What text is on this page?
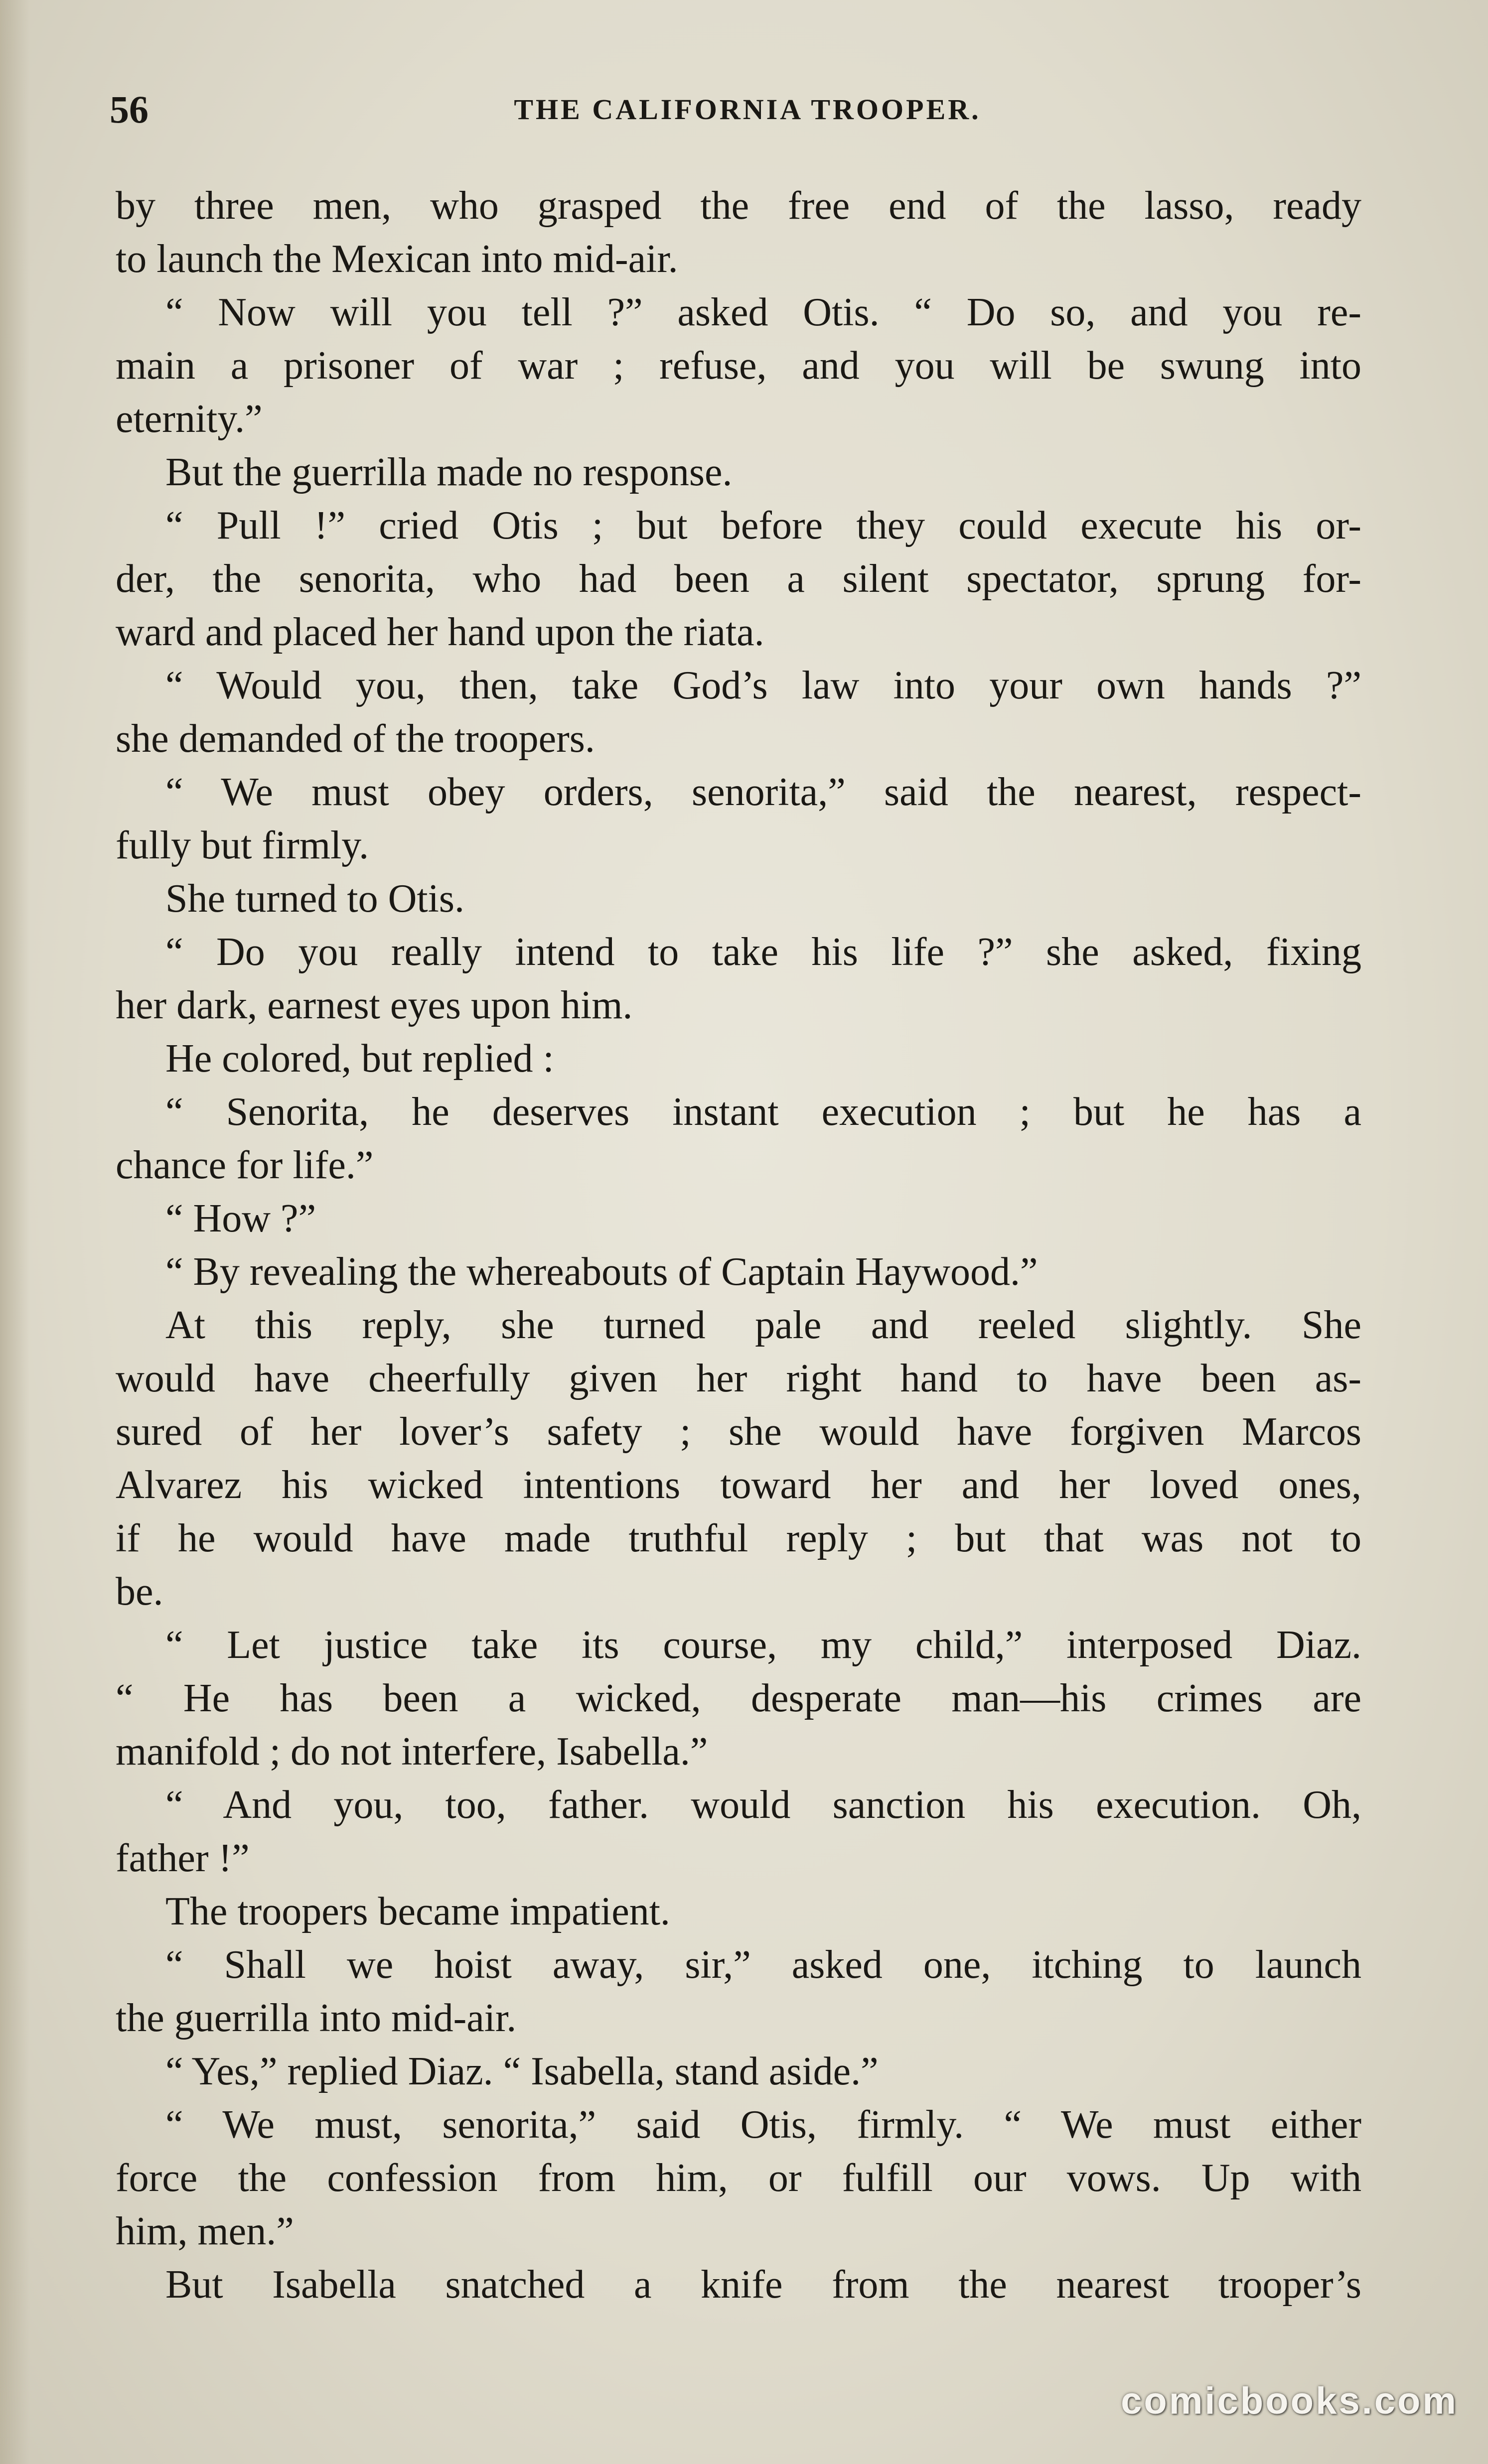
56	THE CALIFORNIA TROOPER.
by three men, who grasped the free end of the lasso, ready
to launch the Mexican into mid-air.
“ Now will you tell ?” asked Otis. “ Do so, and you re-
main a prisoner of war ; refuse, and you will be swung into
eternity.”
But the guerrilla made no response.
“ Pull !” cried Otis ; but before they could execute his or-
der, the senorita, who had been a silent spectator, sprung for-
ward and placed her hand upon the riata.
“ Would you, then, take God’s law into your own hands ?”
she demanded of the troopers.
“ We must obey orders, senorita,” said the nearest, respect-
fully but firmly.
She turned to Otis.
“ Do you really intend to take his life ?” she asked, fixing
her dark, earnest eyes upon him.
He colored, but replied :
“ Senorita, he deserves instant execution ; but he has a
chance for life.”
“ How ?”
“ By revealing the whereabouts of Captain Haywood.”
At this reply, she turned pale and reeled slightly. She
would have cheerfully given her right hand to have been as-
sured of her lover’s safety ; she would have forgiven Marcos
Alvarez his wicked intentions toward her and her loved ones,
if he would have made truthful reply ; but that was not to
be.
“ Let justice take its course, my child,” interposed Diaz.
“ He has been a wicked, desperate man—his crimes are
manifold ; do not interfere, Isabella.”
“ And you, too, father. would sanction his execution. Oh,
father !”
The troopers became impatient.
“ Shall we hoist away, sir,” asked one, itching to launch
the guerrilla into mid-air.
“ Yes,” replied Diaz. “ Isabella, stand aside.”
“ We must, senorita,” said Otis, firmly. “ We must either
force the confession from him, or fulfill our vows. Up with
him, men.”
But Isabella snatched a knife from the nearest trooper’s
comicbooks.com
